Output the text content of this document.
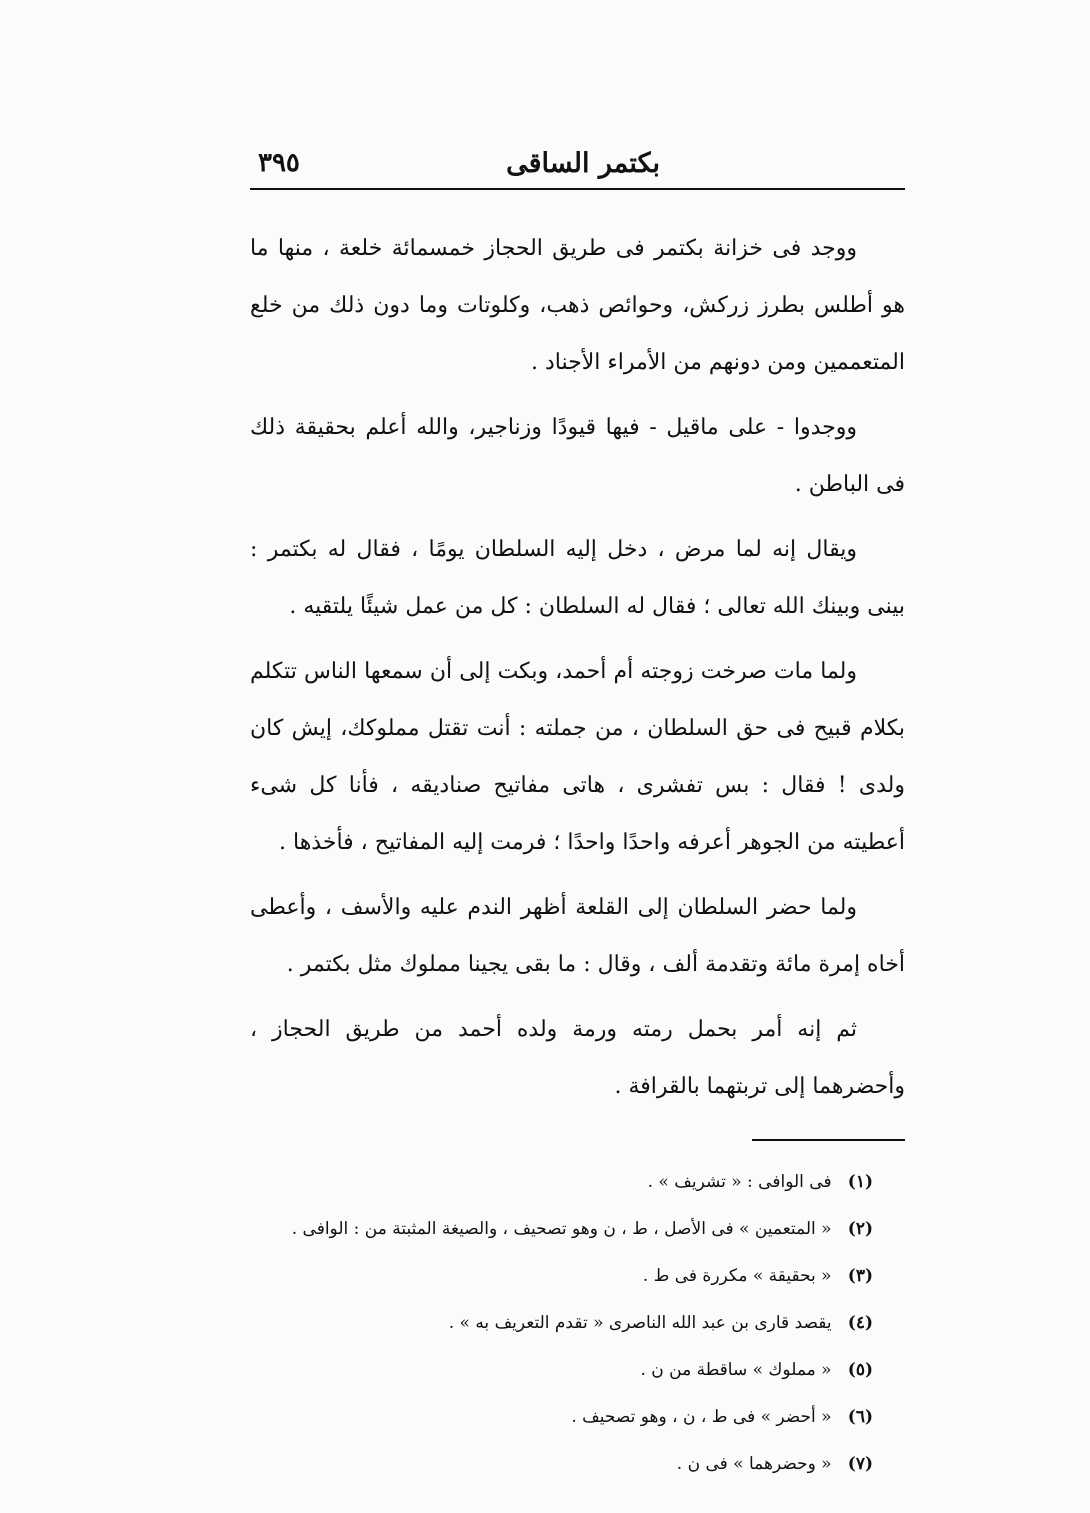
بكتمر الساقى
٣٩٥

ووجد فى خزانة بكتمر فى طريق الحجاز خمسمائة خلعة ، منها ما هو أطلس بطرز زركش، وحوائص ذهب، وكلوتات وما دون ذلك من خلع المتعممين ومن دونهم من الأمراء الأجناد .

ووجدوا - على ماقيل - فيها قيودًا وزناجير، والله أعلم بحقيقة ذلك فى الباطن .

ويقال إنه لما مرض ، دخل إليه السلطان يومًا ، فقال له بكتمر : بينى وبينك الله تعالى ؛ فقال له السلطان : كل من عمل شيئًا يلتقيه .

ولما مات صرخت زوجته أم أحمد، وبكت إلى أن سمعها الناس تتكلم بكلام قبيح فى حق السلطان ، من جملته : أنت تقتل مملوكك، إيش كان ولدى ! فقال : بس تفشرى ، هاتى مفاتيح صناديقه ، فأنا كل شىء أعطيته من الجوهر أعرفه واحدًا واحدًا ؛ فرمت إليه المفاتيح ، فأخذها .

ولما حضر السلطان إلى القلعة أظهر الندم عليه والأسف ، وأعطى أخاه إمرة مائة وتقدمة ألف ، وقال : ما بقى يجينا مملوك مثل بكتمر .

ثم إنه أمر بحمل رمته ورمة ولده أحمد من طريق الحجاز ، وأحضرهما إلى تربتهما بالقرافة .

(١) فى الوافى : « تشريف » .
(٢) « المتعمين » فى الأصل ، ط ، ن وهو تصحيف ، والصيغة المثبتة من : الوافى .
(٣) « بحقيقة » مكررة فى ط .
(٤) يقصد قارى بن عبد الله الناصرى « تقدم التعريف به » .
(٥) « مملوك » ساقطة من ن .
(٦) « أحضر » فى ط ، ن ، وهو تصحيف .
(٧) « وحضرهما » فى ن .
